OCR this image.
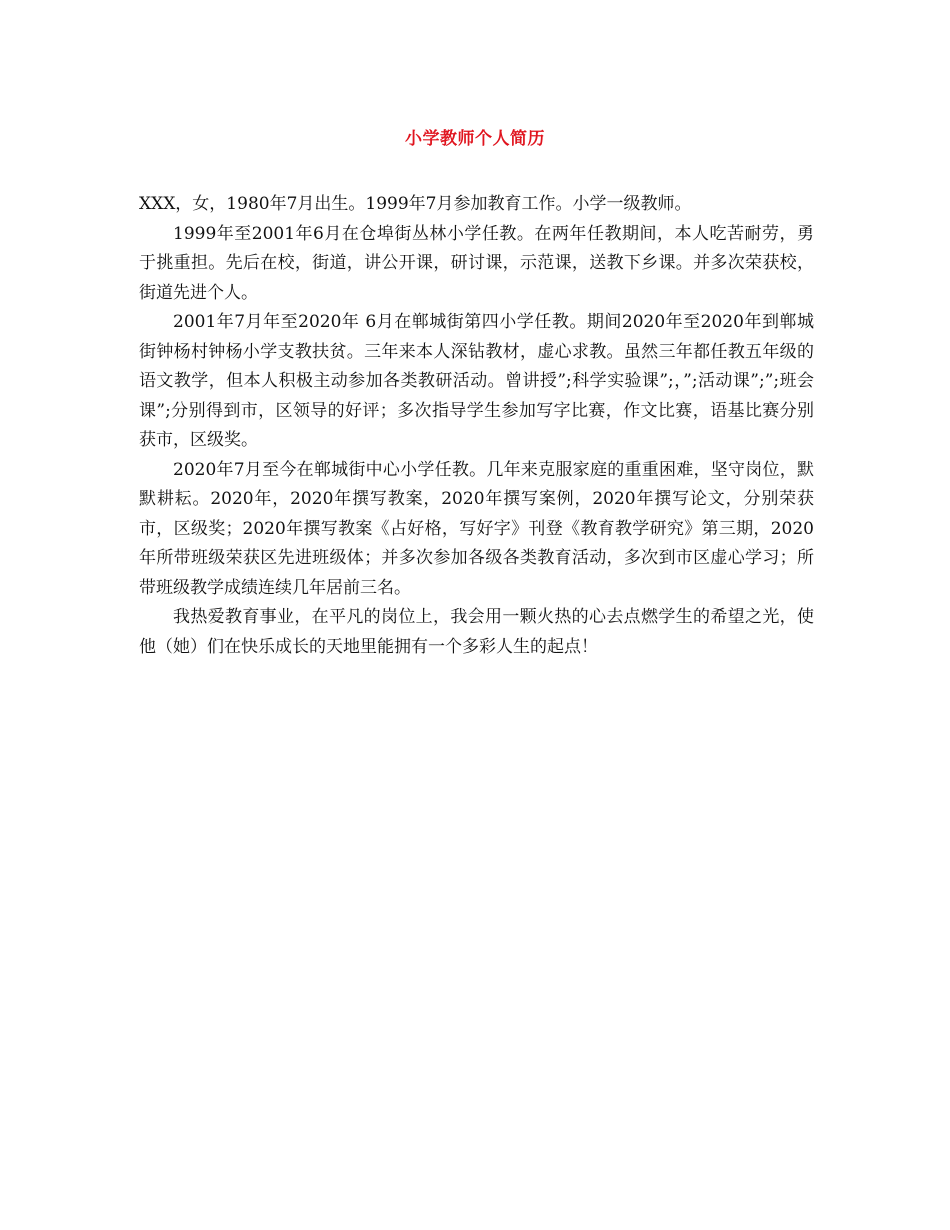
小学教师个人简历

XXX，女，1980年7月出生。1999年7月参加教育工作。小学一级教师。

1999年至2001年6月在仓埠街丛林小学任教。在两年任教期间，本人吃苦耐劳，勇于挑重担。先后在校，街道，讲公开课，研讨课，示范课，送教下乡课。并多次荣获校，街道先进个人。

2001年7月年至2020年 6月在郸城街第四小学任教。期间2020年至2020年到郸城街钟杨村钟杨小学支教扶贫。三年来本人深钻教材，虚心求教。虽然三年都任教五年级的语文教学，但本人积极主动参加各类教研活动。曾讲授”;科学实验课”;，”;活动课”;”;班会课”;分别得到市，区领导的好评；多次指导学生参加写字比赛，作文比赛，语基比赛分别获市，区级奖。

2020年7月至今在郸城街中心小学任教。几年来克服家庭的重重困难，坚守岗位，默默耕耘。2020年，2020年撰写教案，2020年撰写案例，2020年撰写论文，分别荣获市，区级奖；2020年撰写教案《占好格，写好字》刊登《教育教学研究》第三期，2020年所带班级荣获区先进班级体；并多次参加各级各类教育活动，多次到市区虚心学习；所带班级教学成绩连续几年居前三名。

我热爱教育事业，在平凡的岗位上，我会用一颗火热的心去点燃学生的希望之光，使他（她）们在快乐成长的天地里能拥有一个多彩人生的起点！
